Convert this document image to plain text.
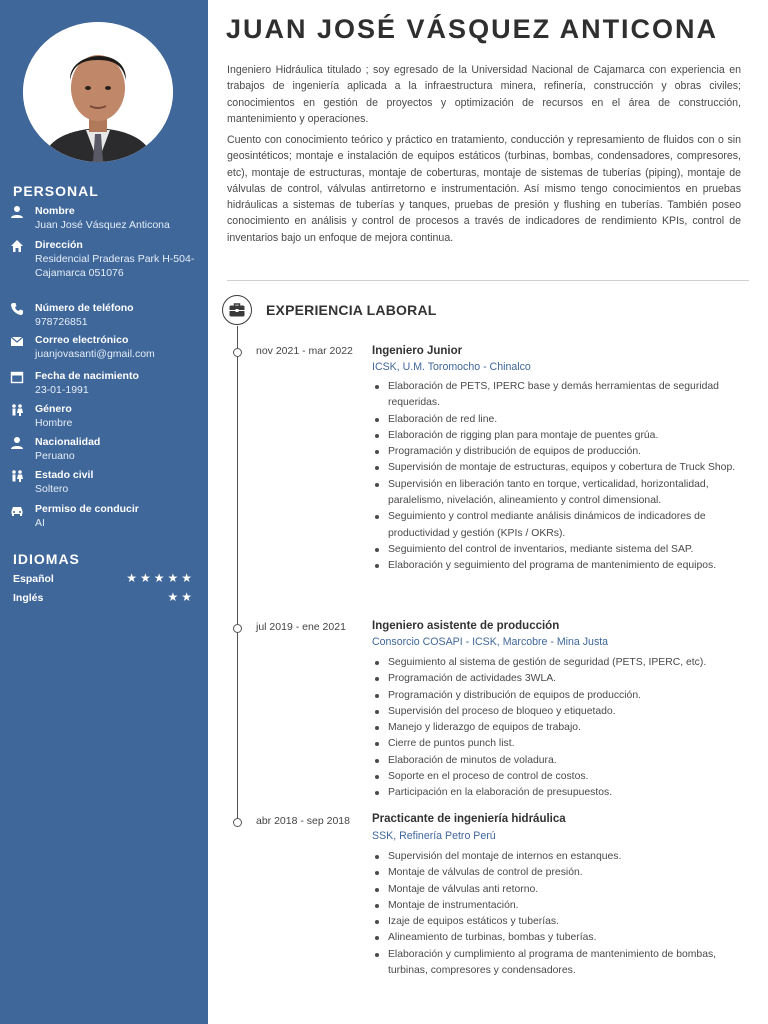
PERSONAL
Nombre
Juan José Vásquez Anticona
Dirección
Residencial Praderas Park H-504- Cajamarca 051076
Número de teléfono
978726851
Correo electrónico
juanjovasanti@gmail.com
Fecha de nacimiento
23-01-1991
Género
Hombre
Nacionalidad
Peruano
Estado civil
Soltero
Permiso de conducir
AI
IDIOMAS
Español	★★★★★
Inglés	★★
JUAN JOSÉ VÁSQUEZ ANTICONA

Ingeniero Hidráulica titulado ; soy egresado de la Universidad Nacional de Cajamarca con experiencia en trabajos de ingeniería aplicada a la infraestructura minera, refinería, construcción y obras civiles; conocimientos en gestión de proyectos y optimización de recursos en el área de construcción, mantenimiento y operaciones.

Cuento con conocimiento teórico y práctico en tratamiento, conducción y represamiento de fluidos con o sin geosintéticos; montaje e instalación de equipos estáticos (turbinas, bombas, condensadores, compresores, etc), montaje de estructuras, montaje de coberturas, montaje de sistemas de tuberías (piping), montaje de válvulas de control, válvulas antirretorno e instrumentación. Así mismo tengo conocimientos en pruebas hidráulicas a sistemas de tuberías y tanques, pruebas de presión y flushing en tuberías. También poseo conocimiento en análisis y control de procesos a través de indicadores de rendimiento KPIs, control de inventarios bajo un enfoque de mejora continua.

EXPERIENCIA LABORAL
nov 2021 - mar 2022 Ingeniero Junior
ICSK, U.M. Toromocho - Chinalco
Elaboración de PETS, IPERC base y demás herramientas de seguridad requeridas.
Elaboración de red line.
Elaboración de rigging plan para montaje de puentes grúa.
Programación y distribución de equipos de producción.
Supervisión de montaje de estructuras, equipos y cobertura de Truck Shop.
Supervisión en liberación tanto en torque, verticalidad, horizontalidad, paralelismo, nivelación, alineamiento y control dimensional.
Seguimiento y control mediante análisis dinámicos de indicadores de productividad y gestión (KPIs / OKRs).
Seguimiento del control de inventarios, mediante sistema del SAP.
Elaboración y seguimiento del programa de mantenimiento de equipos.
jul 2019 - ene 2021 Ingeniero asistente de producción
Consorcio COSAPI - ICSK, Marcobre - Mina Justa
Seguimiento al sistema de gestión de seguridad (PETS, IPERC, etc).
Programación de actividades 3WLA.
Programación y distribución de equipos de producción.
Supervisión del proceso de bloqueo y etiquetado.
Manejo y liderazgo de equipos de trabajo.
Cierre de puntos punch list.
Elaboración de minutos de voladura.
Soporte en el proceso de control de costos.
Participación en la elaboración de presupuestos.
abr 2018 - sep 2018 Practicante de ingeniería hidráulica
SSK, Refinería Petro Perú
Supervisión del montaje de internos en estanques.
Montaje de válvulas de control de presión.
Montaje de válvulas anti retorno.
Montaje de instrumentación.
Izaje de equipos estáticos y tuberías.
Alineamiento de turbinas, bombas y tuberías.
Elaboración y cumplimiento al programa de mantenimiento de bombas, turbinas, compresores y condensadores.
